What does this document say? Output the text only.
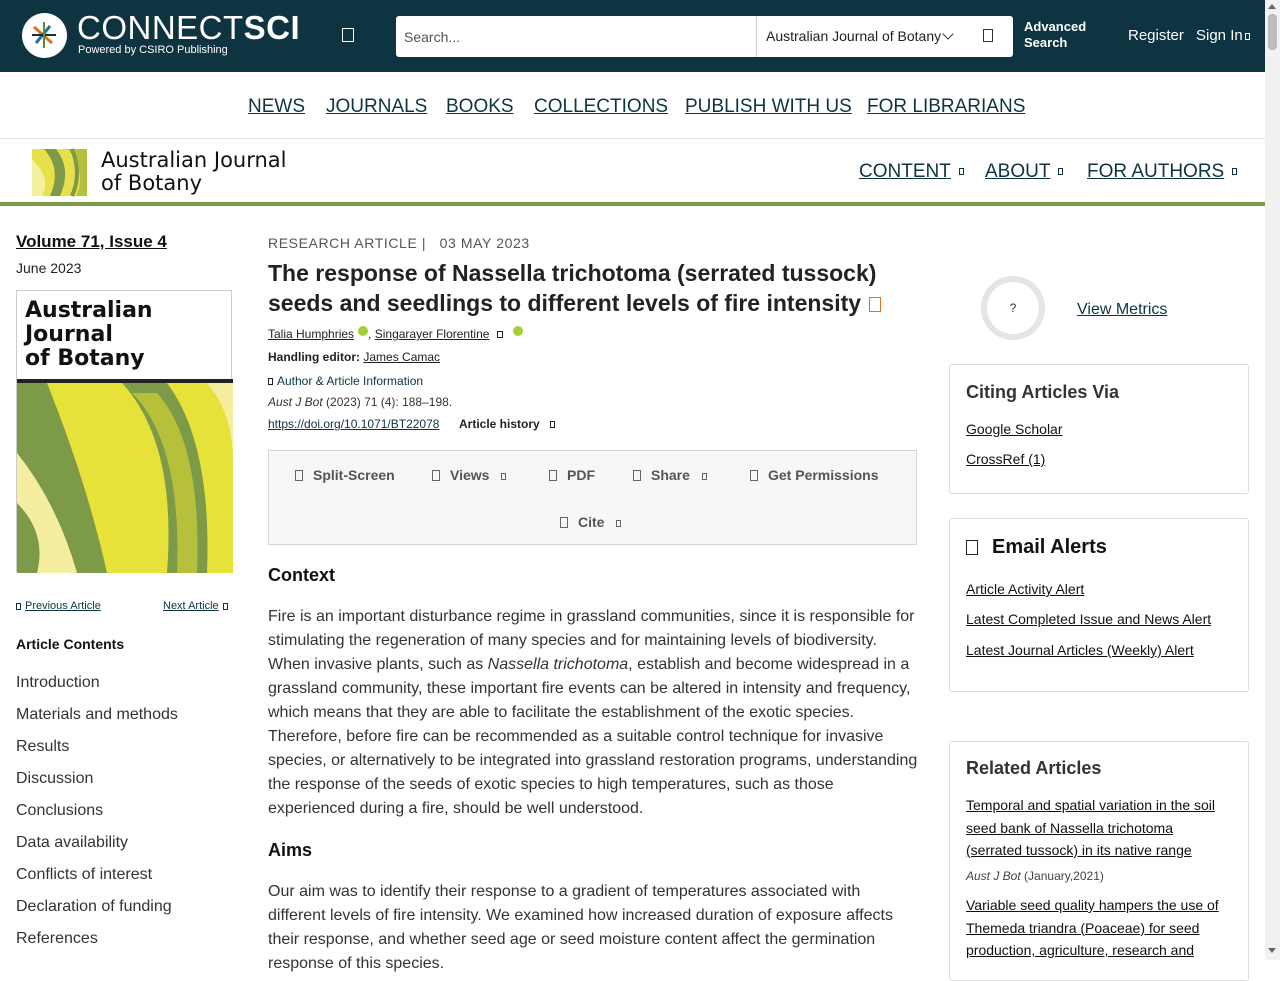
CONNECTSCI
Powered by CSIRO Publishing
Search...
Australian Journal of Botany
Advanced Search	Register Sign In
NEWS JOURNALS BOOKS COLLECTIONS PUBLISH WITH US FOR LIBRARIANS
Australian Journal
of Botany	CONTENT	ABOUT	FOR AUTHORS
Volume 71, Issue 4
June 2023
Australian
Journal
of Botany
Previous Article	Next Article
Article Contents
Introduction
Materials and methods
Results
Discussion
Conclusions
Data availability
Conflicts of interest
Declaration of funding
References
RESEARCH ARTICLE | 03 MAY 2023
The response of Nassella trichotoma (serrated tussock) seeds and seedlings to different levels of fire intensity
Talia Humphries , Singarayer Florentine
Handling editor: James Camac
Author & Article Information
Aust J Bot (2023) 71 (4): 188–198.
https://doi.org/10.1071/BT22078 Article history
Split-Screen	Views	PDF	Share	Get Permissions
Cite
Context

Fire is an important disturbance regime in grassland communities, since it is responsible for stimulating the regeneration of many species and for maintaining levels of biodiversity. When invasive plants, such as Nassella trichotoma, establish and become widespread in a grassland community, these important fire events can be altered in intensity and frequency, which means that they are able to facilitate the establishment of the exotic species. Therefore, before fire can be recommended as a suitable control technique for invasive species, or alternatively to be integrated into grassland restoration programs, understanding the response of the seeds of exotic species to high temperatures, such as those experienced during a fire, should be well understood.

Aims

Our aim was to identify their response to a gradient of temperatures associated with different levels of fire intensity. We examined how increased duration of exposure affects their response, and whether seed age or seed moisture content affect the germination response of this species.

?	View Metrics
Citing Articles Via
Google Scholar
CrossRef (1)
Email Alerts
Article Activity Alert
Latest Completed Issue and News Alert
Latest Journal Articles (Weekly) Alert
Related Articles
Temporal and spatial variation in the soil seed bank of Nassella trichotoma (serrated tussock) in its native range
Aust J Bot (January,2021)
Variable seed quality hampers the use of Themeda triandra (Poaceae) for seed production, agriculture, research and
